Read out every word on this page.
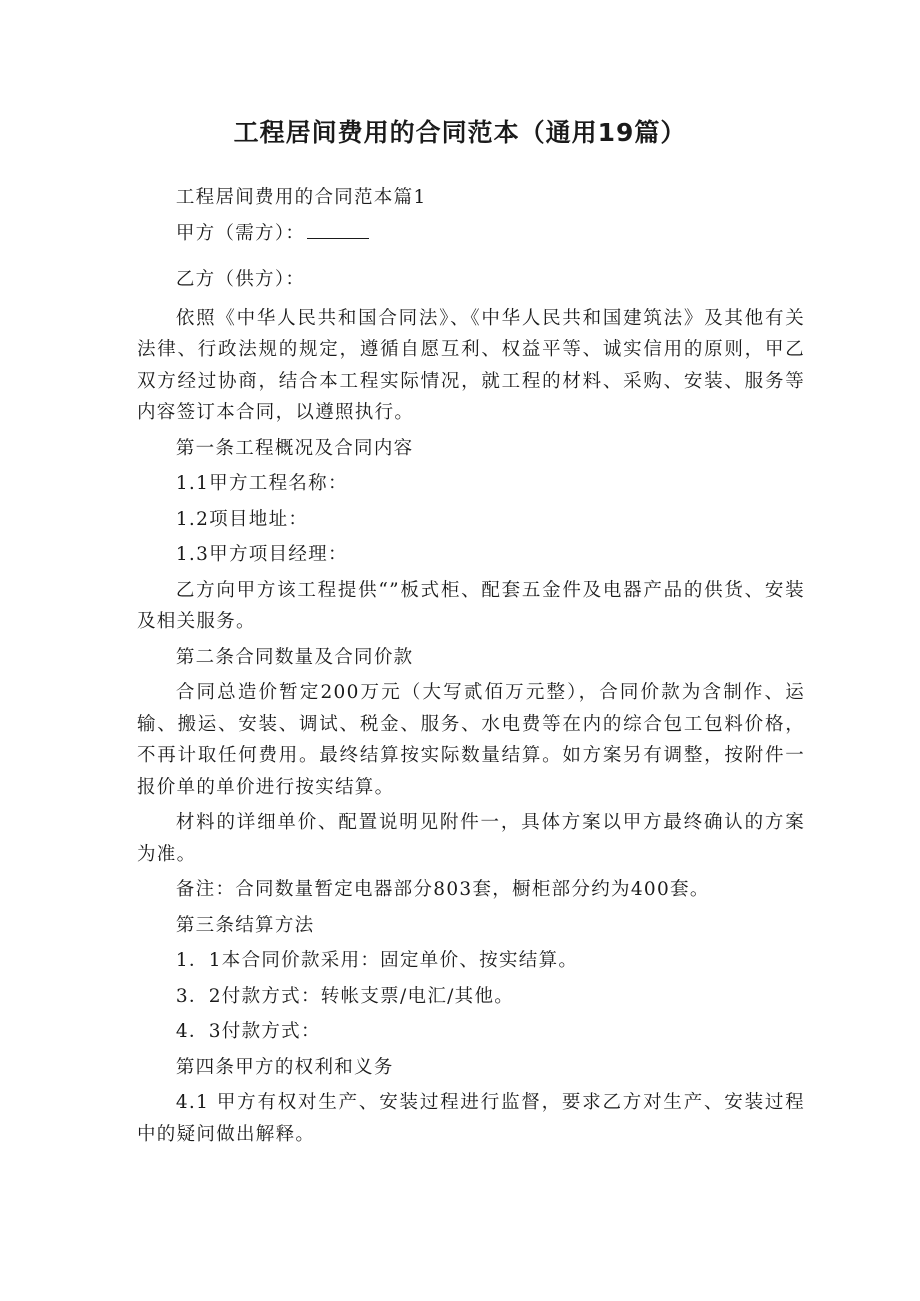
工程居间费用的合同范本（通用19篇）

工程居间费用的合同范本篇1

甲方（需方）：

乙方（供方）：

依照《中华人民共和国合同法》、《中华人民共和国建筑法》及其他有关法律、行政法规的规定，遵循自愿互利、权益平等、诚实信用的原则，甲乙双方经过协商，结合本工程实际情况，就工程的材料、采购、安装、服务等内容签订本合同，以遵照执行。

第一条工程概况及合同内容

1.1甲方工程名称：

1.2项目地址：

1.3甲方项目经理：

乙方向甲方该工程提供“”板式柜、配套五金件及电器产品的供货、安装及相关服务。

第二条合同数量及合同价款

合同总造价暂定200万元（大写贰佰万元整），合同价款为含制作、运输、搬运、安装、调试、税金、服务、水电费等在内的综合包工包料价格，不再计取任何费用。最终结算按实际数量结算。如方案另有调整，按附件一报价单的单价进行按实结算。

材料的详细单价、配置说明见附件一，具体方案以甲方最终确认的方案为准。

备注：合同数量暂定电器部分803套，橱柜部分约为400套。

第三条结算方法

1．1本合同价款采用：固定单价、按实结算。

3．2付款方式：转帐支票/电汇/其他。

4．3付款方式：

第四条甲方的权利和义务

4.1 甲方有权对生产、安装过程进行监督，要求乙方对生产、安装过程中的疑问做出解释。
